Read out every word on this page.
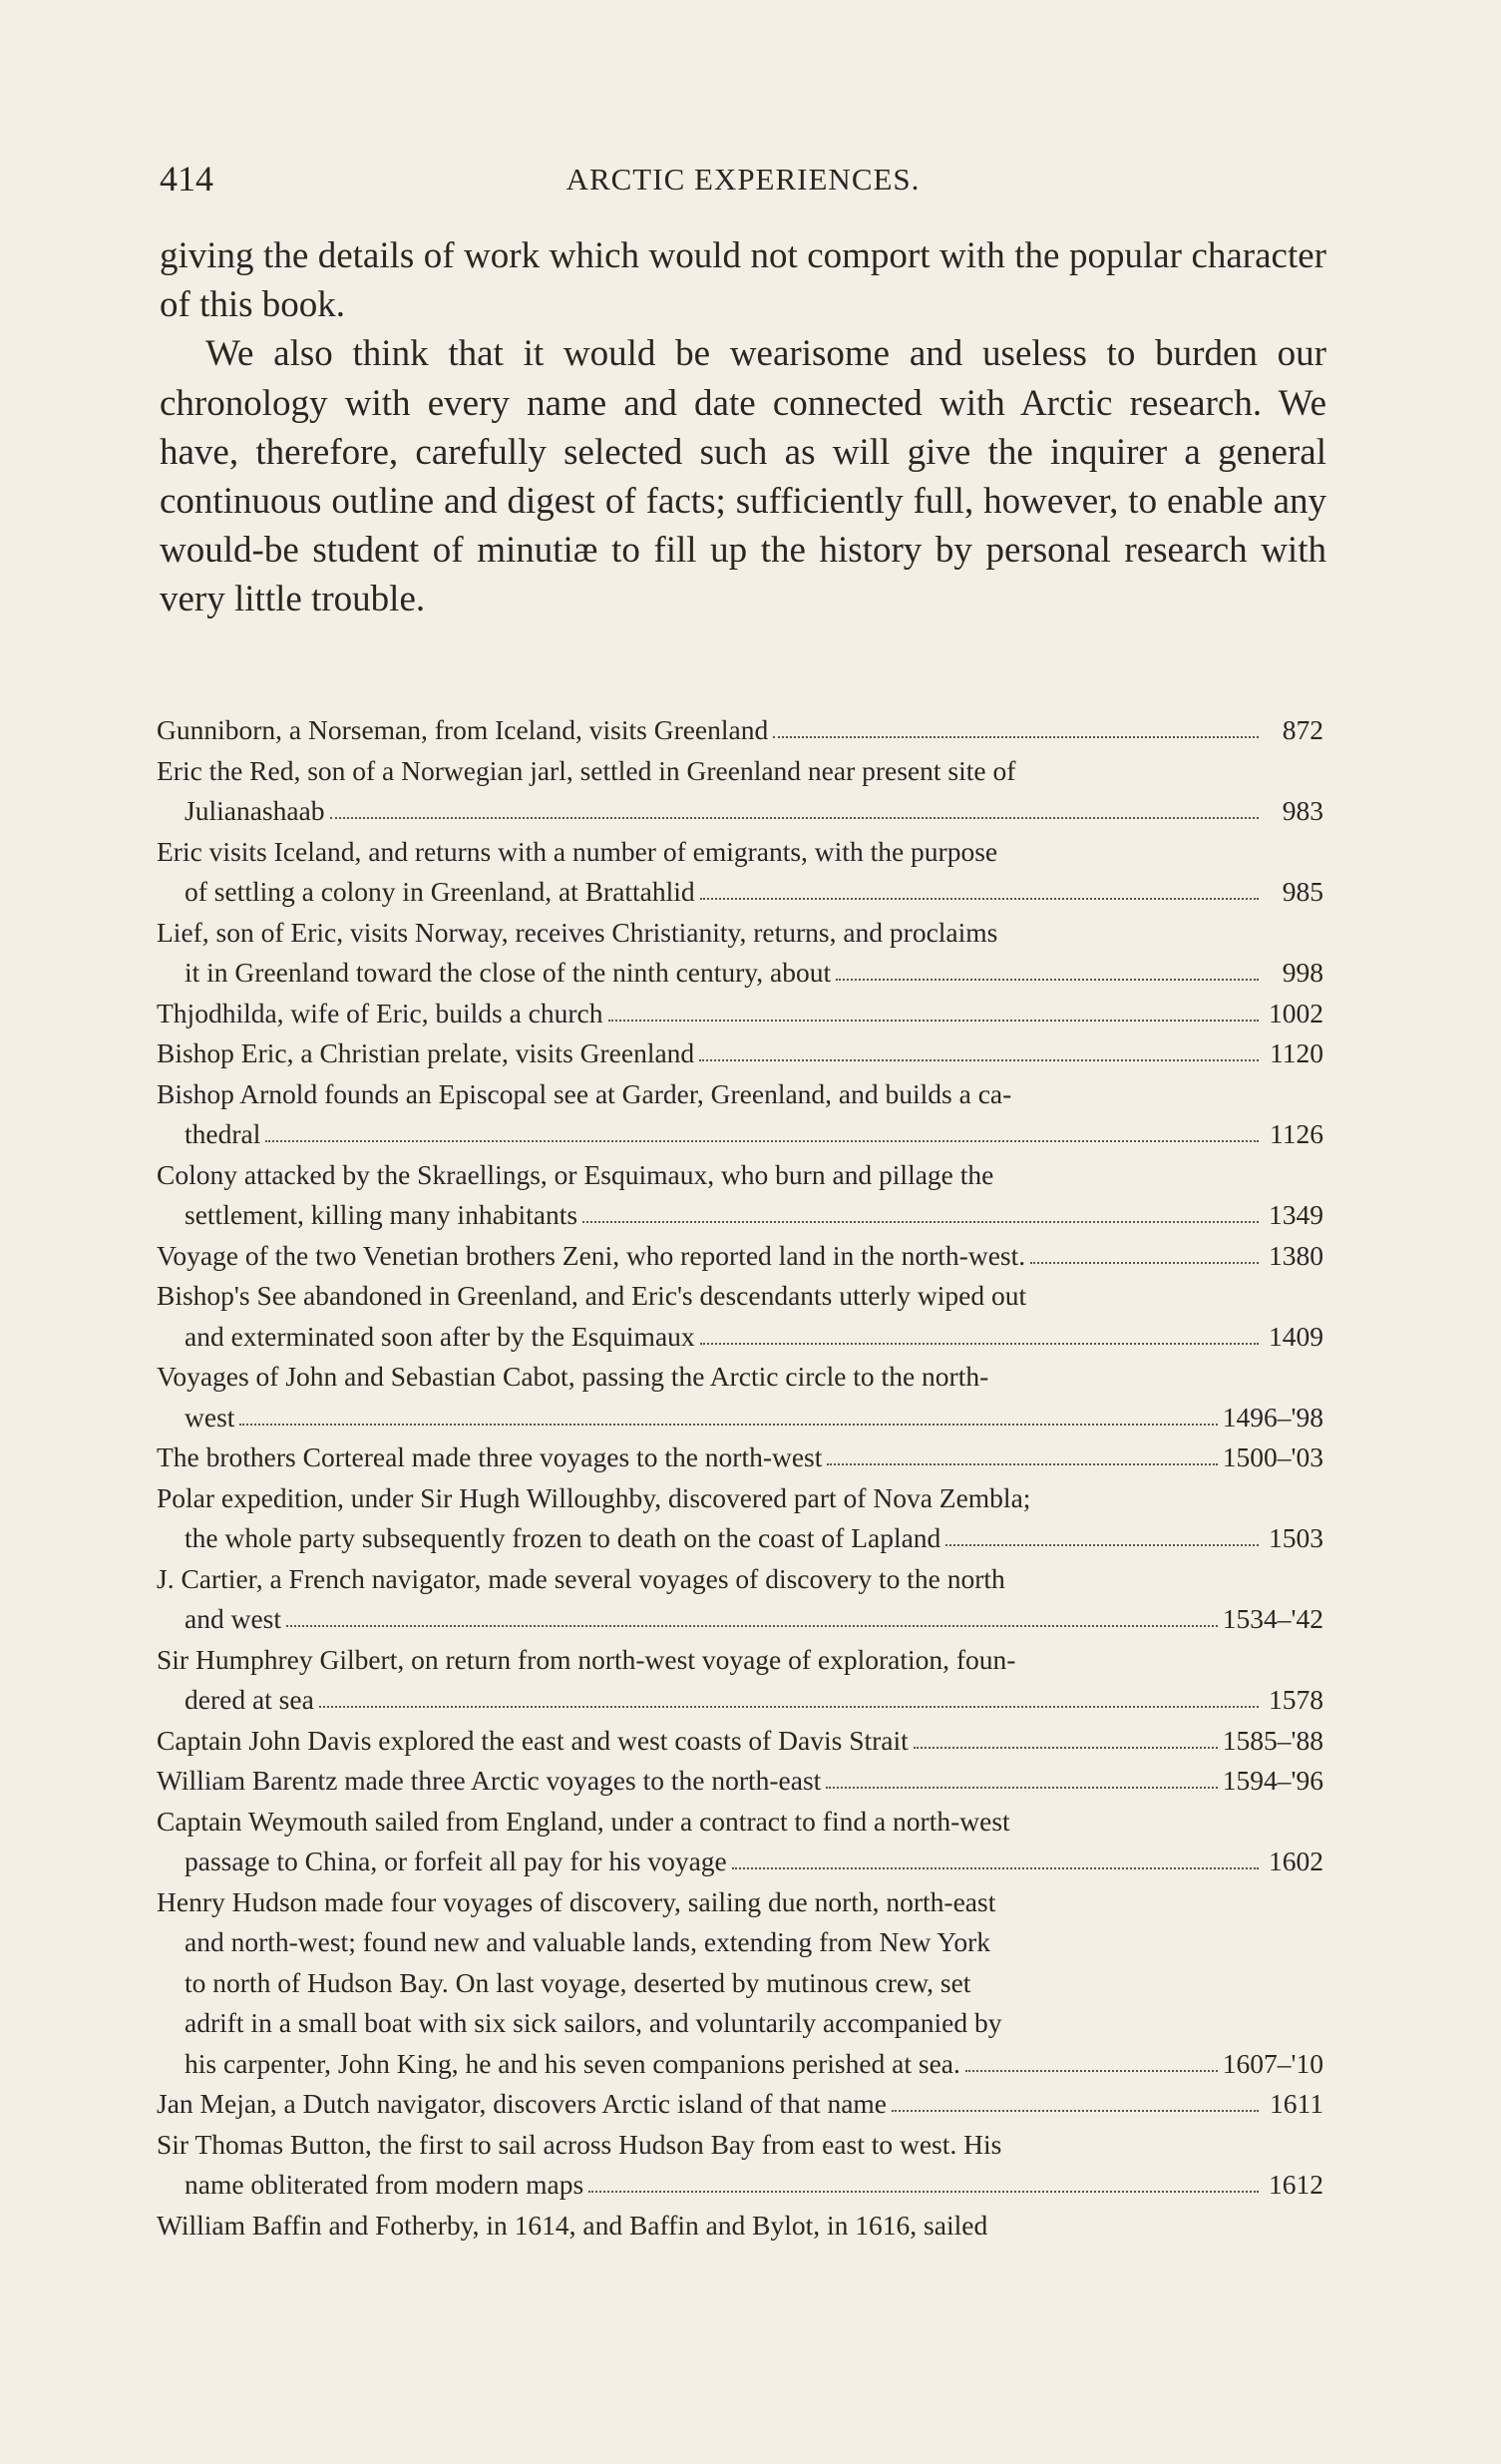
414	ARCTIC EXPERIENCES.

giving the details of work which would not comport with the popular character of this book.

We also think that it would be wearisome and useless to burden our chronology with every name and date connected with Arctic research. We have, therefore, carefully selected such as will give the inquirer a general continuous outline and digest of facts; sufficiently full, however, to enable any would-be student of minutiæ to fill up the history by personal research with very little trouble.

Gunniborn, a Norseman, from Iceland, visits Greenland	872
Eric the Red, son of a Norwegian jarl, settled in Greenland near present site of
Julianashaab	983
Eric visits Iceland, and returns with a number of emigrants, with the purpose
of settling a colony in Greenland, at Brattahlid	985
Lief, son of Eric, visits Norway, receives Christianity, returns, and proclaims
it in Greenland toward the close of the ninth century, about	998
Thjodhilda, wife of Eric, builds a church	1002
Bishop Eric, a Christian prelate, visits Greenland	1120
Bishop Arnold founds an Episcopal see at Garder, Greenland, and builds a ca-
thedral	1126
Colony attacked by the Skraellings, or Esquimaux, who burn and pillage the
settlement, killing many inhabitants	1349
Voyage of the two Venetian brothers Zeni, who reported land in the north-west.	1380
Bishop's See abandoned in Greenland, and Eric's descendants utterly wiped out
and exterminated soon after by the Esquimaux	1409
Voyages of John and Sebastian Cabot, passing the Arctic circle to the north-
west	1496–'98
The brothers Cortereal made three voyages to the north-west	1500–'03
Polar expedition, under Sir Hugh Willoughby, discovered part of Nova Zembla;
the whole party subsequently frozen to death on the coast of Lapland	1503
J. Cartier, a French navigator, made several voyages of discovery to the north
and west	1534–'42
Sir Humphrey Gilbert, on return from north-west voyage of exploration, foun-
dered at sea	1578
Captain John Davis explored the east and west coasts of Davis Strait	1585–'88
William Barentz made three Arctic voyages to the north-east	1594–'96
Captain Weymouth sailed from England, under a contract to find a north-west
passage to China, or forfeit all pay for his voyage	1602
Henry Hudson made four voyages of discovery, sailing due north, north-east
and north-west; found new and valuable lands, extending from New York
to north of Hudson Bay. On last voyage, deserted by mutinous crew, set
adrift in a small boat with six sick sailors, and voluntarily accompanied by
his carpenter, John King, he and his seven companions perished at sea.	1607–'10
Jan Mejan, a Dutch navigator, discovers Arctic island of that name	1611
Sir Thomas Button, the first to sail across Hudson Bay from east to west. His
name obliterated from modern maps	1612
William Baffin and Fotherby, in 1614, and Baffin and Bylot, in 1616, sailed
